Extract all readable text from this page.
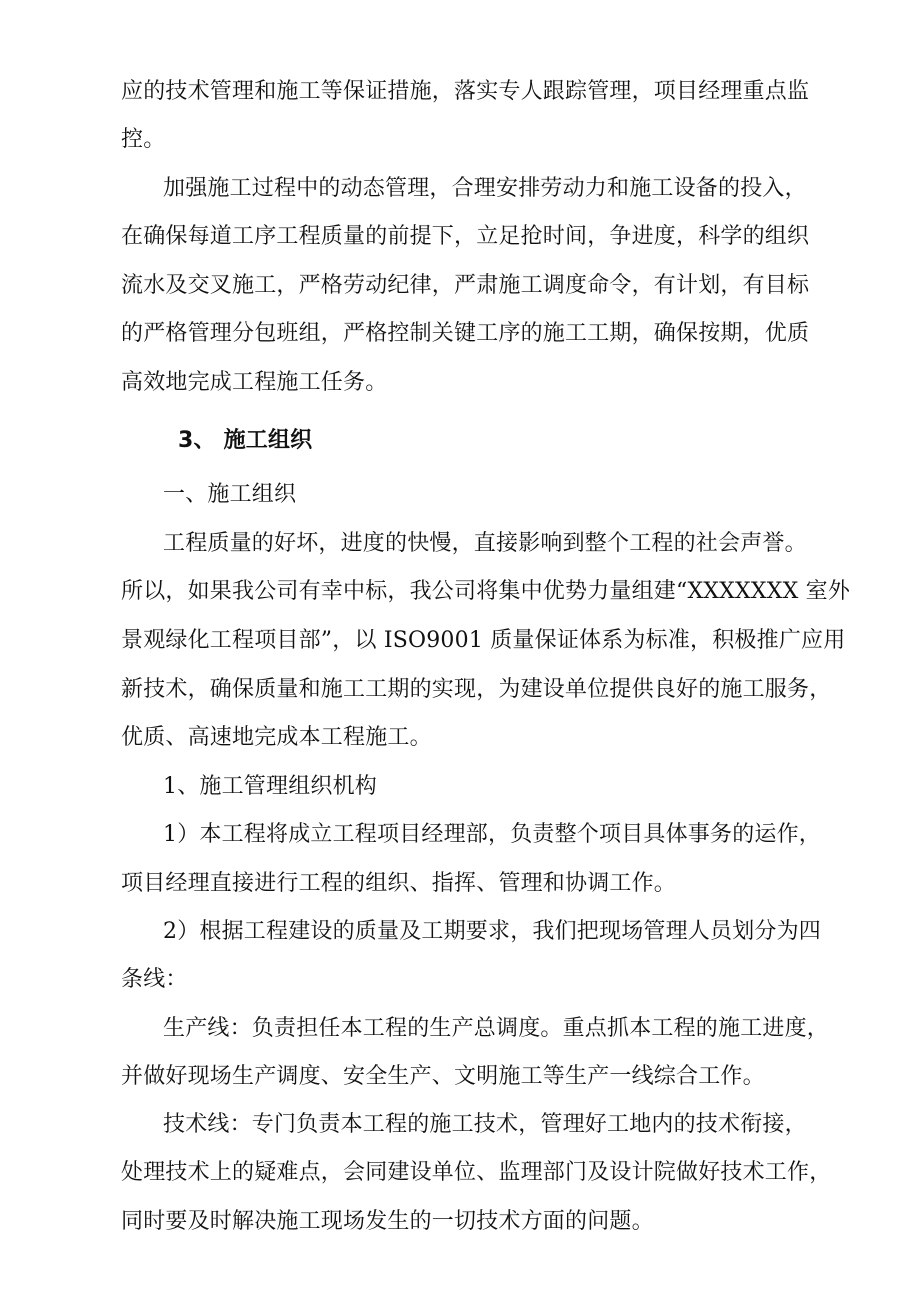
应的技术管理和施工等保证措施，落实专人跟踪管理，项目经理重点监
控。
加强施工过程中的动态管理，合理安排劳动力和施工设备的投入，
在确保每道工序工程质量的前提下，立足抢时间，争进度，科学的组织
流水及交叉施工，严格劳动纪律，严肃施工调度命令，有计划，有目标
的严格管理分包班组，严格控制关键工序的施工工期，确保按期，优质
高效地完成工程施工任务。
3、 施工组织
一、施工组织
工程质量的好坏，进度的快慢，直接影响到整个工程的社会声誉。
所以，如果我公司有幸中标，我公司将集中优势力量组建“XXXXXXX 室外
景观绿化工程项目部”，以 ISO9001 质量保证体系为标准，积极推广应用
新技术，确保质量和施工工期的实现，为建设单位提供良好的施工服务，
优质、高速地完成本工程施工。
1、施工管理组织机构
1）本工程将成立工程项目经理部，负责整个项目具体事务的运作，
项目经理直接进行工程的组织、指挥、管理和协调工作。
2）根据工程建设的质量及工期要求，我们把现场管理人员划分为四
条线：
生产线：负责担任本工程的生产总调度。重点抓本工程的施工进度，
并做好现场生产调度、安全生产、文明施工等生产一线综合工作。
技术线：专门负责本工程的施工技术，管理好工地内的技术衔接，
处理技术上的疑难点，会同建设单位、监理部门及设计院做好技术工作，
同时要及时解决施工现场发生的一切技术方面的问题。
